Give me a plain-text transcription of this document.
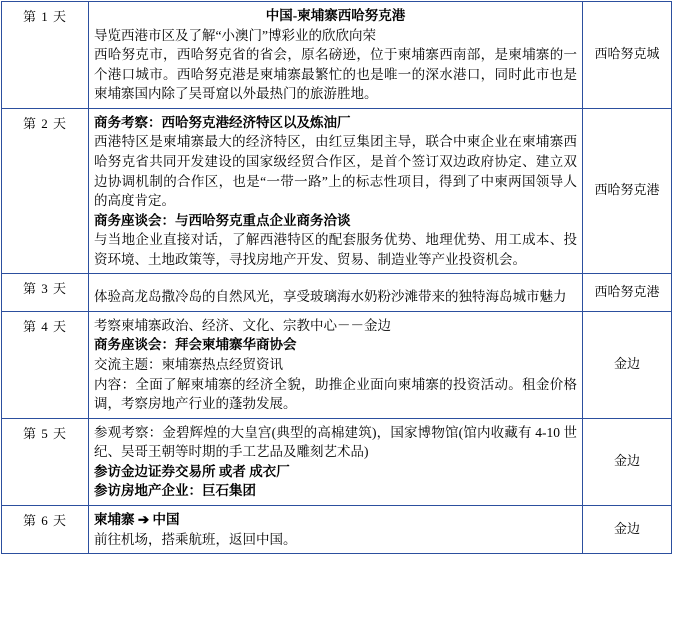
第 1 天	中国-柬埔寨西哈努克港

导览西港市区及了解“小澳门”博彩业的欣欣向荣

西哈努克市，西哈努克省的省会，原名磅逊，位于柬埔寨西南部，是柬埔寨的一个港口城市。西哈努克港是柬埔寨最繁忙的也是唯一的深水港口，同时此市也是柬埔寨国内除了吴哥窟以外最热门的旅游胜地。	西哈努克城
第 2 天	商务考察：西哈努克港经济特区以及炼油厂

西港特区是柬埔寨最大的经济特区，由红豆集团主导，联合中柬企业在柬埔寨西哈努克省共同开发建设的国家级经贸合作区，是首个签订双边政府协定、建立双边协调机制的合作区，也是“一带一路”上的标志性项目，得到了中柬两国领导人的高度肯定。

商务座谈会：与西哈努克重点企业商务洽谈

与当地企业直接对话，了解西港特区的配套服务优势、地理优势、用工成本、投资环境、土地政策等，寻找房地产开发、贸易、制造业等产业投资机会。	西哈努克港
第 3 天	体验高龙岛撒冷岛的自然风光，享受玻璃海水奶粉沙滩带来的独特海岛城市魅力	西哈努克港
第 4 天	考察柬埔寨政治、经济、文化、宗教中心－－金边

商务座谈会：拜会柬埔寨华商协会

交流主题：柬埔寨热点经贸资讯

内容：全面了解柬埔寨的经济全貌，助推企业面向柬埔寨的投资活动。租金价格调，考察房地产行业的蓬勃发展。	金边
第 5 天	参观考察：金碧辉煌的大皇宫(典型的高棉建筑)，国家博物馆(馆内收藏有 4-10 世纪、吴哥王朝等时期的手工艺品及雕刻艺术品)

参访金边证券交易所 或者 成衣厂

参访房地产企业：巨石集团	金边
第 6 天	柬埔寨 ➔ 中国

前往机场，搭乘航班，返回中国。	金边
